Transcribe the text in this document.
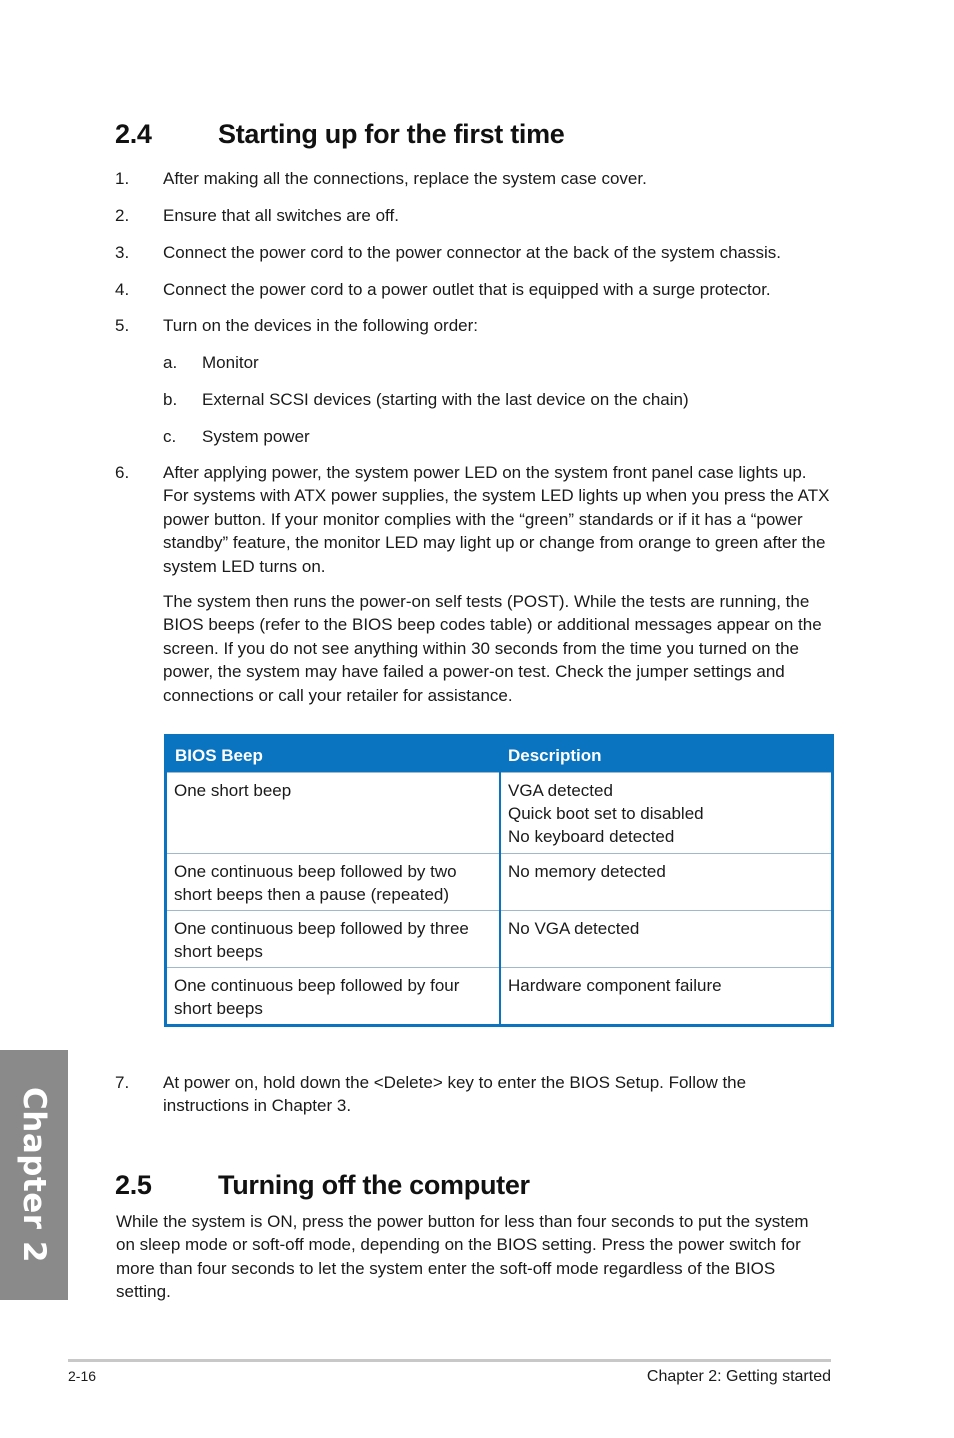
2.4 Starting up for the first time
1. After making all the connections, replace the system case cover.
2. Ensure that all switches are off.
3. Connect the power cord to the power connector at the back of the system chassis.
4. Connect the power cord to a power outlet that is equipped with a surge protector.
5. Turn on the devices in the following order:
a. Monitor
b. External SCSI devices (starting with the last device on the chain)
c. System power
6. After applying power, the system power LED on the system front panel case lights up. For systems with ATX power supplies, the system LED lights up when you press the ATX power button. If your monitor complies with the “green” standards or if it has a “power standby” feature, the monitor LED may light up or change from orange to green after the system LED turns on.
The system then runs the power-on self tests (POST). While the tests are running, the BIOS beeps (refer to the BIOS beep codes table) or additional messages appear on the screen. If you do not see anything within 30 seconds from the time you turned on the power, the system may have failed a power-on test. Check the jumper settings and connections or call your retailer for assistance.
BIOS Beep	Description
One short beep	VGA detected
Quick boot set to disabled
No keyboard detected

One continuous beep followed by two short beeps then a pause (repeated)	No memory detected

One continuous beep followed by three short beeps	No VGA detected

One continuous beep followed by four short beeps	Hardware component failure
7. At power on, hold down the <Delete> key to enter the BIOS Setup. Follow the instructions in Chapter 3.
2.5 Turning off the computer
While the system is ON, press the power button for less than four seconds to put the system on sleep mode or soft-off mode, depending on the BIOS setting. Press the power switch for more than four seconds to let the system enter the soft-off mode regardless of the BIOS setting.
Chapter 2
2-16	Chapter 2: Getting started
